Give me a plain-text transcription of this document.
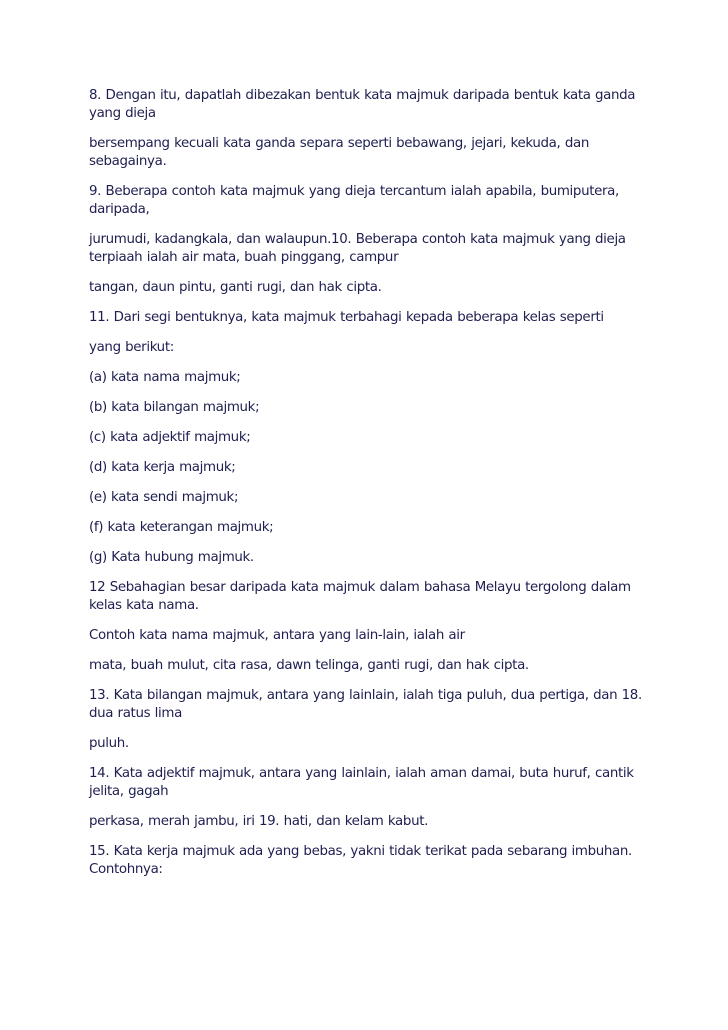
8. Dengan itu, dapatlah dibezakan bentuk kata majmuk daripada bentuk kata ganda yang dieja

bersempang kecuali kata ganda separa seperti bebawang, jejari, kekuda, dan sebagainya.

9. Beberapa contoh kata majmuk yang dieja tercantum ialah apabila, bumiputera, daripada,

jurumudi, kadangkala, dan walaupun.10. Beberapa contoh kata majmuk yang dieja terpiaah ialah air mata, buah pinggang, campur

tangan, daun pintu, ganti rugi, dan hak cipta.

11. Dari segi bentuknya, kata majmuk terbahagi kepada beberapa kelas seperti

yang berikut:

(a) kata nama majmuk;

(b) kata bilangan majmuk;

(c) kata adjektif majmuk;

(d) kata kerja majmuk;

(e) kata sendi majmuk;

(f) kata keterangan majmuk;

(g) Kata hubung majmuk.

12 Sebahagian besar daripada kata majmuk dalam bahasa Melayu tergolong dalam kelas kata nama.

Contoh kata nama majmuk, antara yang lain-lain, ialah air

mata, buah mulut, cita rasa, dawn telinga, ganti rugi, dan hak cipta.

13. Kata bilangan majmuk, antara yang lainlain, ialah tiga puluh, dua pertiga, dan 18. dua ratus lima

puluh.

14. Kata adjektif majmuk, antara yang lainlain, ialah aman damai, buta huruf, cantik jelita, gagah

perkasa, merah jambu, iri 19. hati, dan kelam kabut.

15. Kata kerja majmuk ada yang bebas, yakni tidak terikat pada sebarang imbuhan. Contohnya:
